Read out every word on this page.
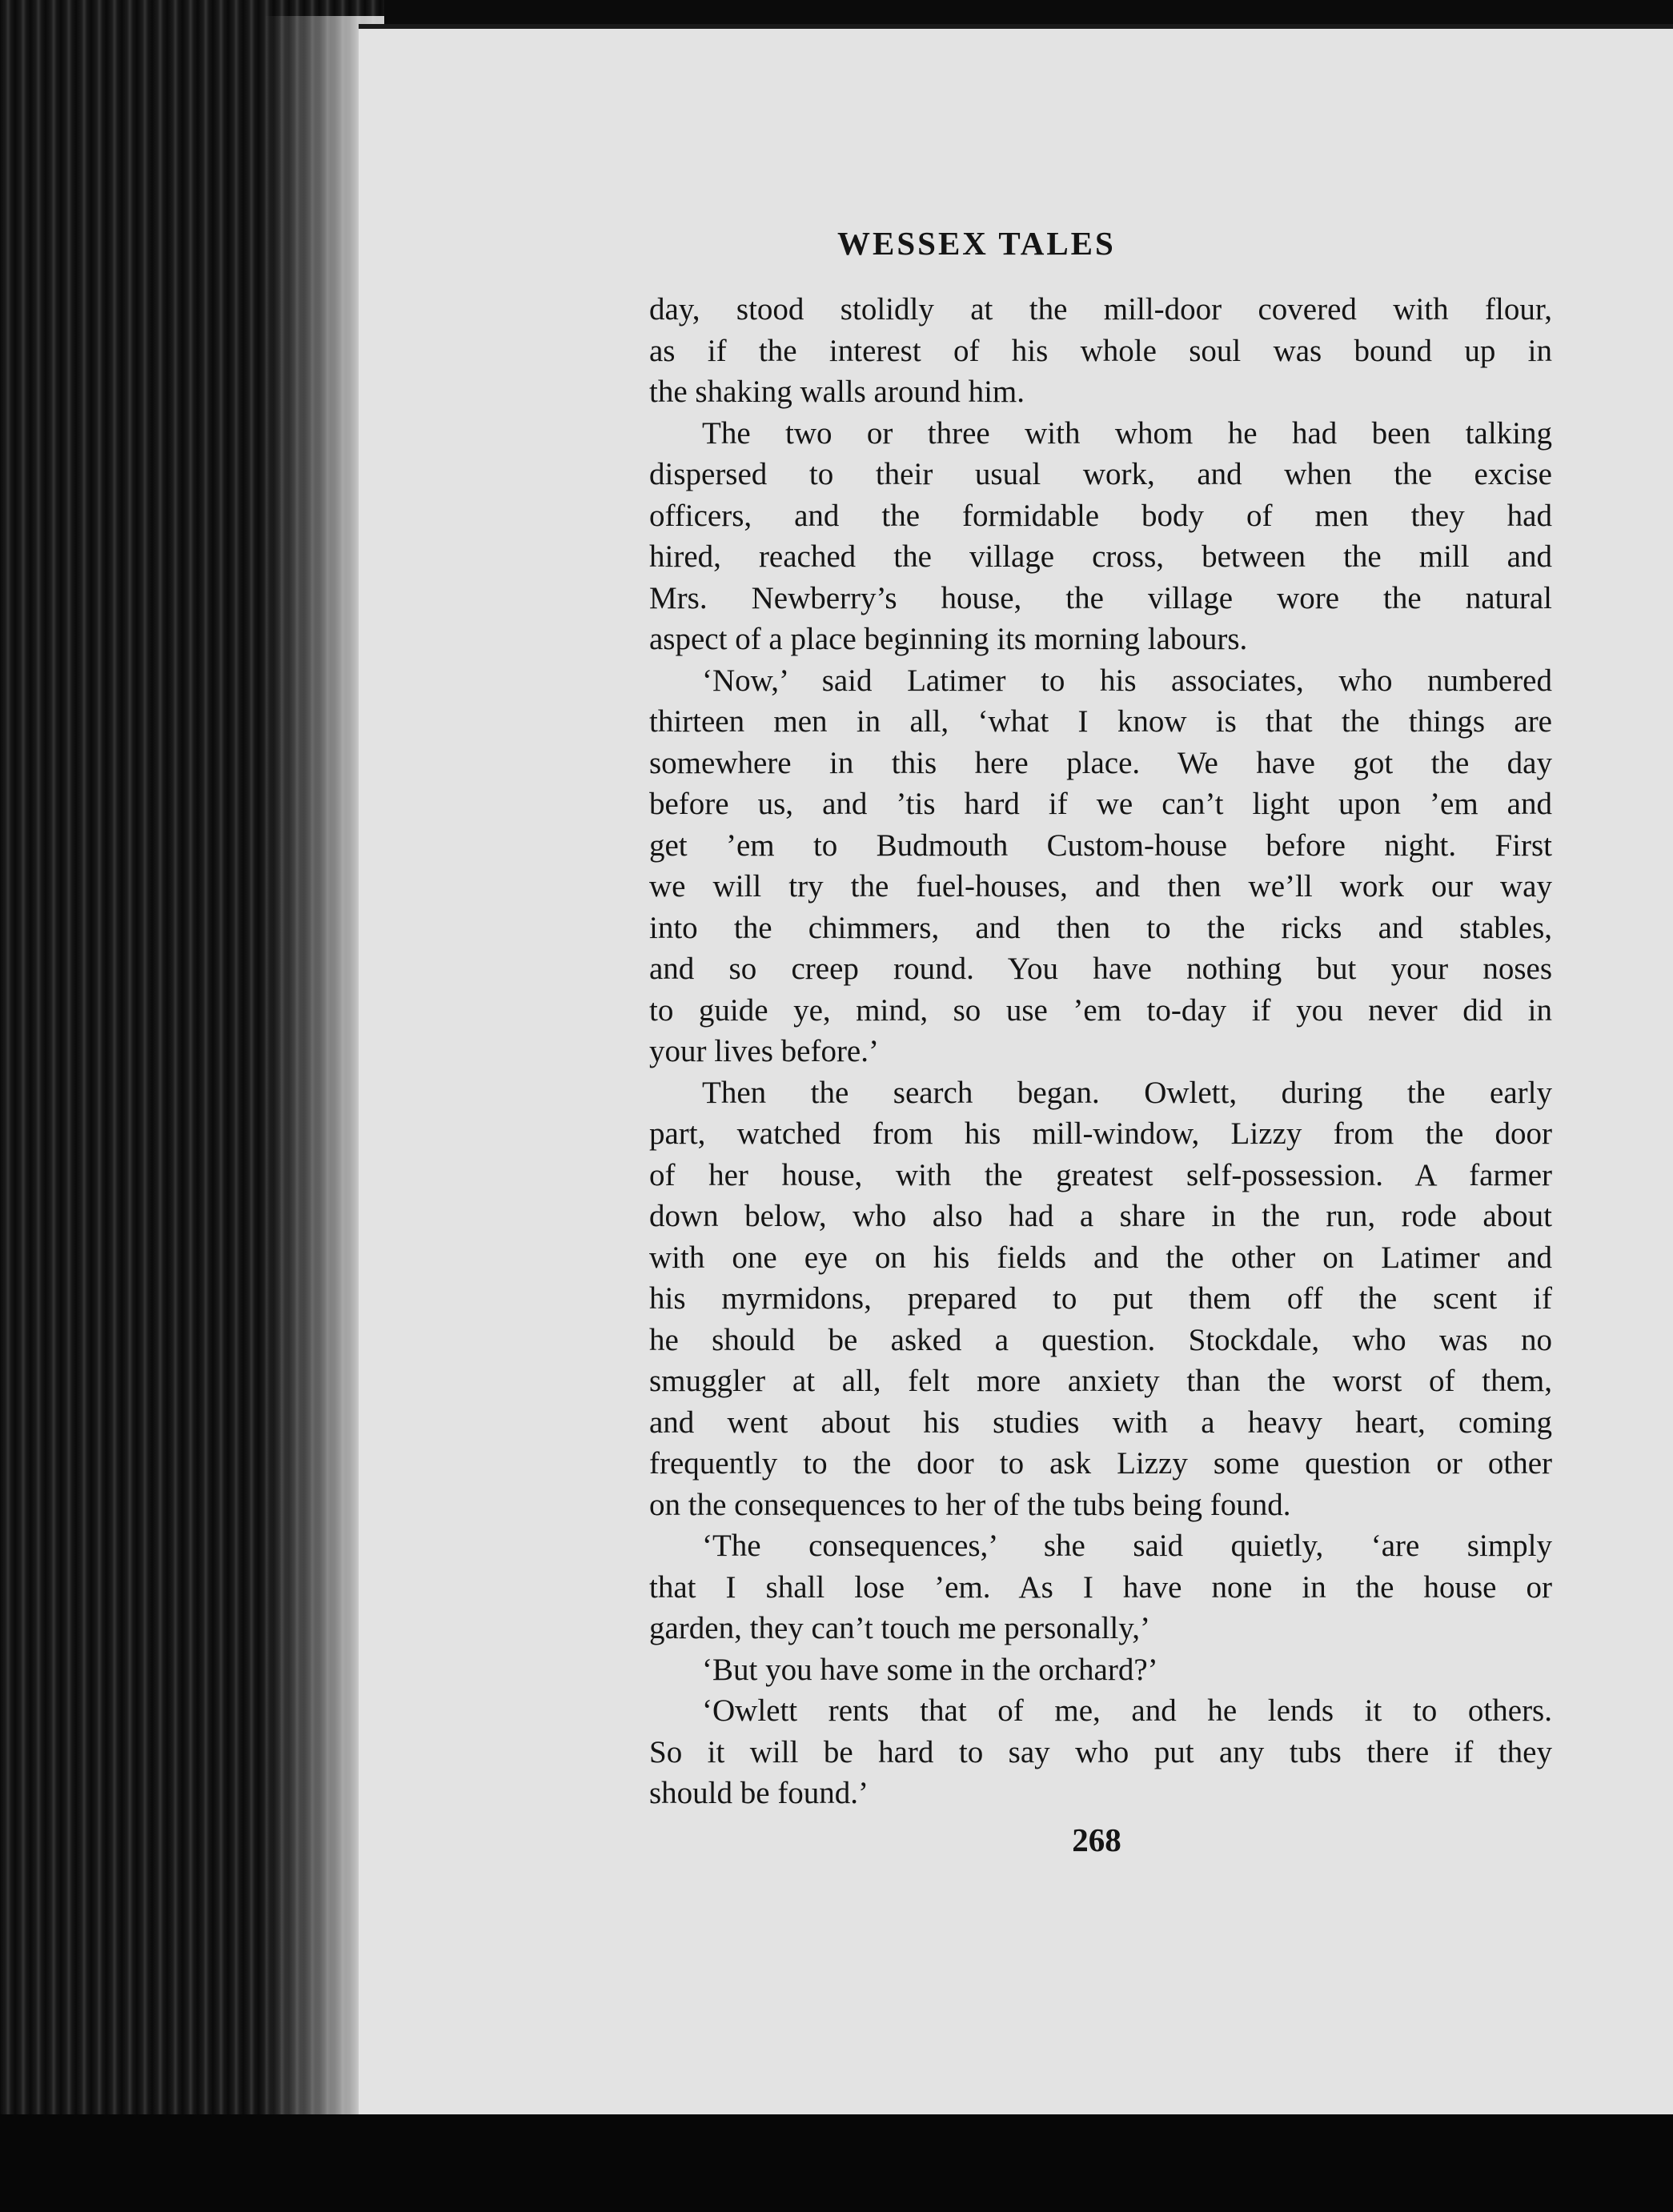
WESSEX TALES
day, stood stolidly at the mill-door covered with flour,
as if the interest of his whole soul was bound up in
the shaking walls around him.
The two or three with whom he had been talking
dispersed to their usual work, and when the excise
officers, and the formidable body of men they had
hired, reached the village cross, between the mill and
Mrs. Newberry’s house, the village wore the natural
aspect of a place beginning its morning labours.
‘Now,’ said Latimer to his associates, who numbered
thirteen men in all, ‘what I know is that the things are
somewhere in this here place. We have got the day
before us, and ’tis hard if we can’t light upon ’em and
get ’em to Budmouth Custom-house before night. First
we will try the fuel-houses, and then we’ll work our way
into the chimmers, and then to the ricks and stables,
and so creep round. You have nothing but your noses
to guide ye, mind, so use ’em to-day if you never did in
your lives before.’
Then the search began. Owlett, during the early
part, watched from his mill-window, Lizzy from the door
of her house, with the greatest self-possession. A farmer
down below, who also had a share in the run, rode about
with one eye on his fields and the other on Latimer and
his myrmidons, prepared to put them off the scent if
he should be asked a question. Stockdale, who was no
smuggler at all, felt more anxiety than the worst of them,
and went about his studies with a heavy heart, coming
frequently to the door to ask Lizzy some question or other
on the consequences to her of the tubs being found.
‘The consequences,’ she said quietly, ‘are simply
that I shall lose ’em. As I have none in the house or
garden, they can’t touch me personally,’
‘But you have some in the orchard?’
‘Owlett rents that of me, and he lends it to others.
So it will be hard to say who put any tubs there if they
should be found.’
268
